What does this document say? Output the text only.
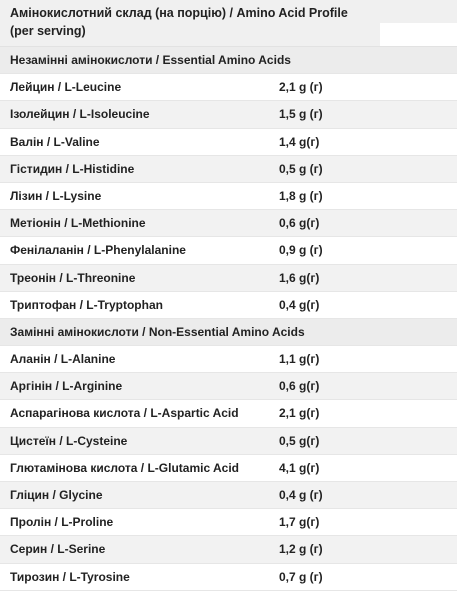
Амінокислотний склад (на порцію) / Amino Acid Profile (per serving)
Незамінні амінокислоти / Essential Amino Acids
Лейцин / L-Leucine	2,1 g (г)
Ізолейцин / L-Isoleucine	1,5 g (г)
Валін / L-Valine	1,4 g(г)
Гістидин / L-Histidine	0,5 g (г)
Лізин / L-Lysine	1,8 g (г)
Метіонін / L-Methionine	0,6 g(г)
Фенілаланін / L-Phenylalanine	0,9 g (г)
Треонін / L-Threonine	1,6 g(г)
Триптофан / L-Tryptophan	0,4 g(г)
Замінні амінокислоти / Non-Essential Amino Acids
Аланін / L-Alanine	1,1 g(г)
Аргінін / L-Arginine	0,6 g(г)
Аспарагінова кислота / L-Aspartic Acid	2,1 g(г)
Цистеїн / L-Cysteine	0,5 g(г)
Глютамінова кислота / L-Glutamic Acid	4,1 g(г)
Гліцин / Glycine	0,4 g (г)
Пролін / L-Proline	1,7 g(г)
Серин / L-Serine	1,2 g (г)
Тирозин / L-Tyrosine	0,7 g (г)
